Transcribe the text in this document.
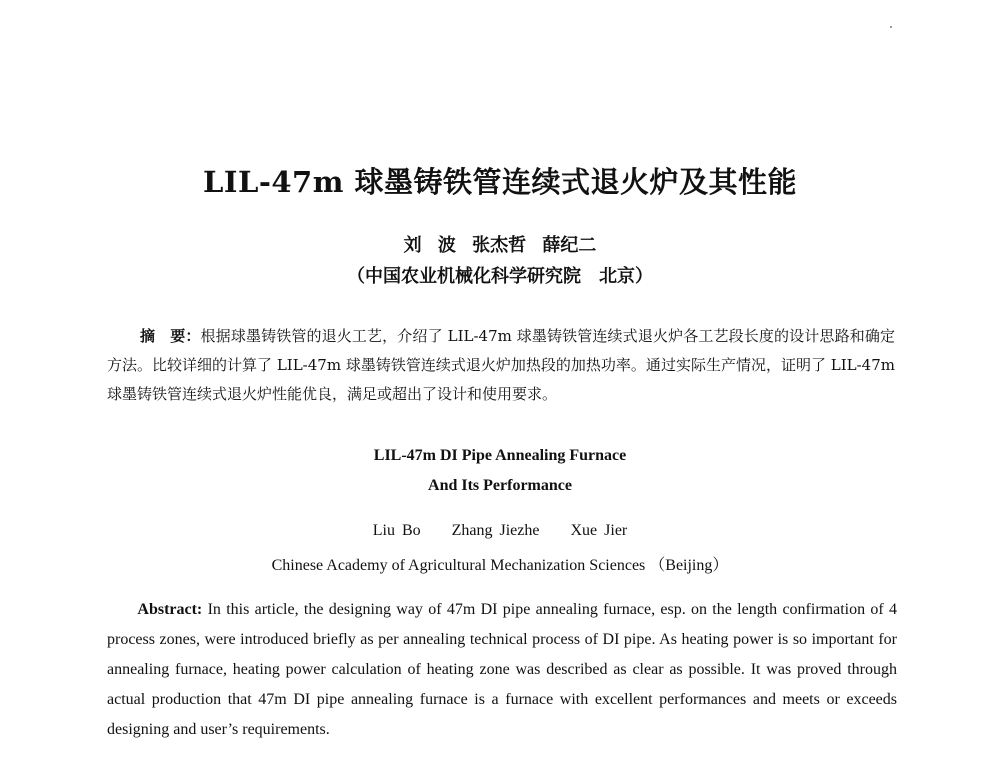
LIL-47m 球墨铸铁管连续式退火炉及其性能
刘 波 张杰哲 薛纪二
（中国农业机械化科学研究院　北京）
摘　要：根据球墨铸铁管的退火工艺，介绍了 LIL-47m 球墨铸铁管连续式退火炉各工艺段长度的设计思路和确定方法。比较详细的计算了 LIL-47m 球墨铸铁管连续式退火炉加热段的加热功率。通过实际生产情况，证明了 LIL-47m 球墨铸铁管连续式退火炉性能优良，满足或超出了设计和使用要求。
LIL-47m DI Pipe Annealing Furnace
And Its Performance
Liu Bo Zhang Jiezhe Xue Jier
Chinese Academy of Agricultural Mechanization Sciences （Beijing）
Abstract: In this article, the designing way of 47m DI pipe annealing furnace, esp. on the length confirmation of 4 process zones, were introduced briefly as per annealing technical process of DI pipe. As heating power is so important for annealing furnace, heating power calculation of heating zone was described as clear as possible. It was proved through actual production that 47m DI pipe annealing furnace is a furnace with excellent performances and meets or exceeds designing and user’s requirements.
